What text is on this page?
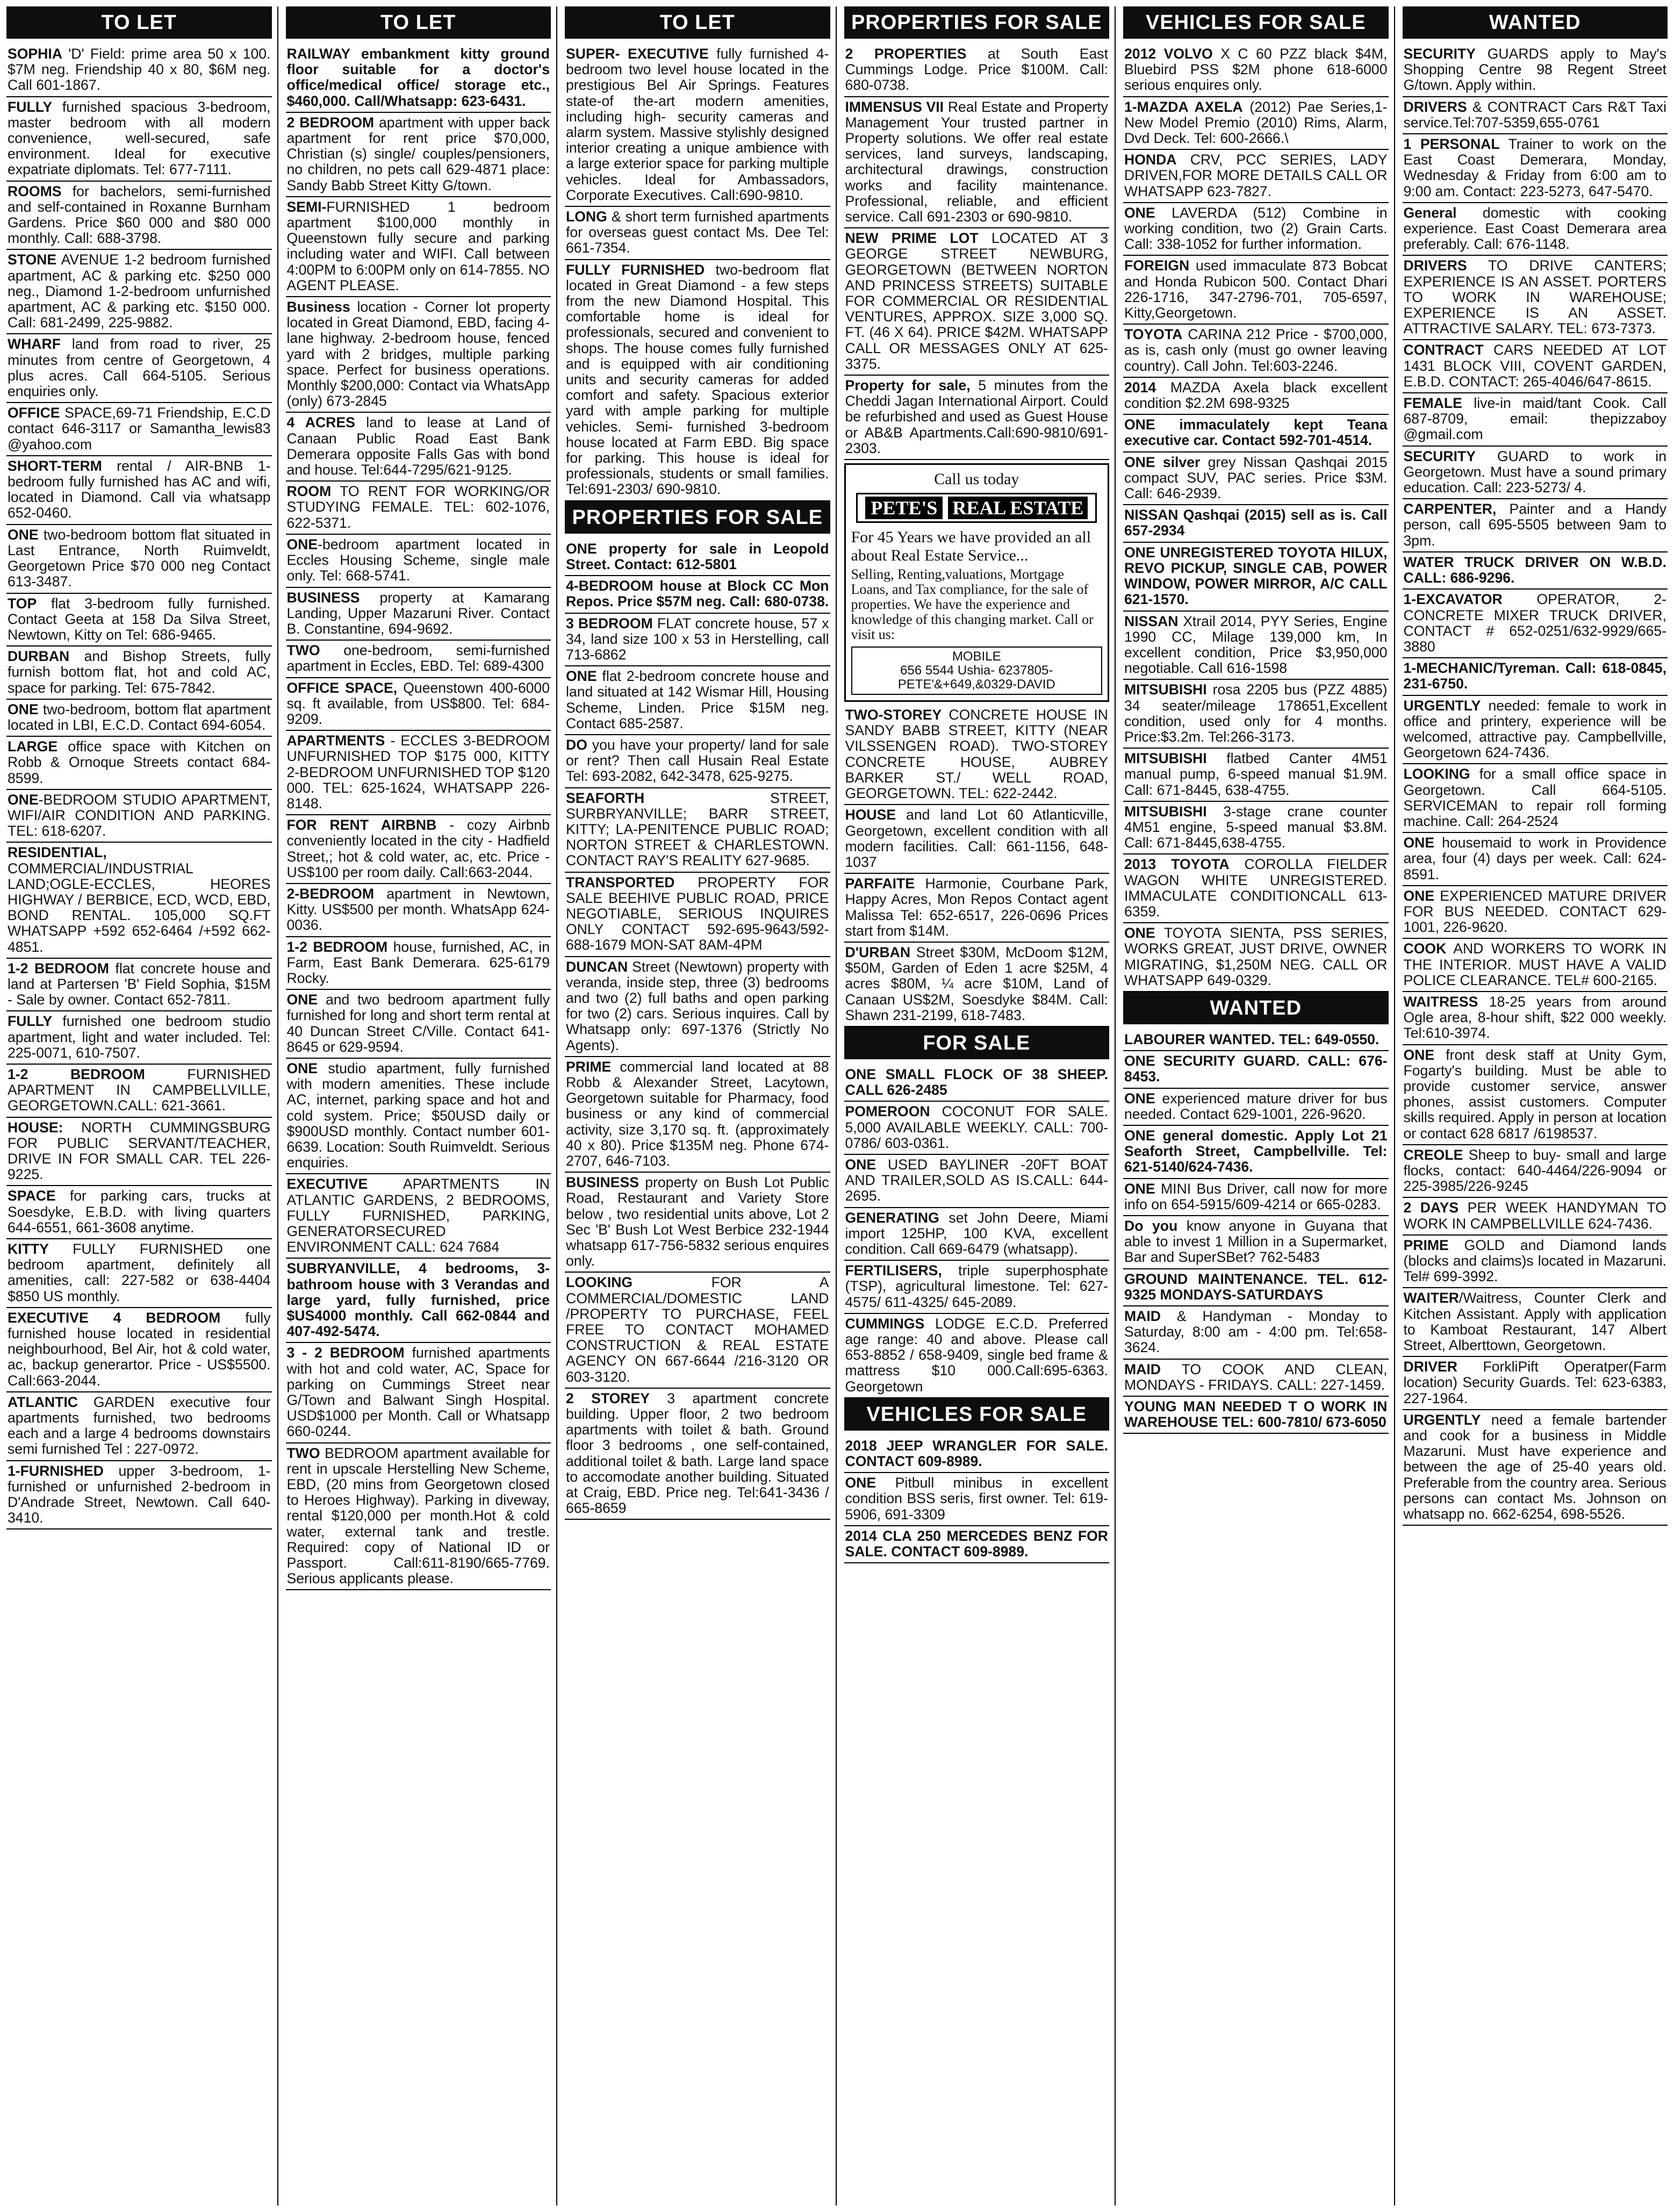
TO LET

SOPHIA 'D' Field: prime area 50 x 100. $7M neg. Friendship 40 x 80, $6M neg. Call 601-1867.

FULLY furnished spacious 3-bedroom, master bedroom with all modern convenience, well-secured, safe environment. Ideal for executive expatriate diplomats. Tel: 677-7111.

ROOMS for bachelors, semi-furnished and self-contained in Roxanne Burnham Gardens. Price $60 000 and $80 000 monthly. Call: 688-3798.

STONE AVENUE 1-2 bedroom furnished apartment, AC & parking etc. $250 000 neg., Diamond 1-2-bedroom unfurnished apartment, AC & parking etc. $150 000. Call: 681-2499, 225-9882.

WHARF land from road to river, 25 minutes from centre of Georgetown, 4 plus acres. Call 664-5105. Serious enquiries only.

OFFICE SPACE,69-71 Friendship, E.C.D contact 646-3117 or Samantha_lewis83 @yahoo.com

SHORT-TERM rental / AIR-BNB 1-bedroom fully furnished has AC and wifi, located in Diamond. Call via whatsapp 652-0460.

ONE two-bedroom bottom flat situated in Last Entrance, North Ruimveldt, Georgetown Price $70 000 neg Contact 613-3487.

TOP flat 3-bedroom fully furnished. Contact Geeta at 158 Da Silva Street, Newtown, Kitty on Tel: 686-9465.

DURBAN and Bishop Streets, fully furnish bottom flat, hot and cold AC, space for parking. Tel: 675-7842.

ONE two-bedroom, bottom flat apartment located in LBI, E.C.D. Contact 694-6054.

LARGE office space with Kitchen on Robb & Ornoque Streets contact 684-8599.

ONE-BEDROOM STUDIO APARTMENT, WIFI/AIR CONDITION AND PARKING. TEL: 618-6207.

RESIDENTIAL, COMMERCIAL/INDUSTRIAL LAND;OGLE-ECCLES, HEORES HIGHWAY / BERBICE, ECD, WCD, EBD, BOND RENTAL. 105,000 SQ.FT WHATSAPP +592 652-6464 /+592 662-4851.

1-2 BEDROOM flat concrete house and land at Partersen 'B' Field Sophia, $15M - Sale by owner. Contact 652-7811.

FULLY furnished one bedroom studio apartment, light and water included. Tel: 225-0071, 610-7507.

1-2 BEDROOM FURNISHED APARTMENT IN CAMPBELLVILLE, GEORGETOWN.CALL: 621-3661.

HOUSE: NORTH CUMMINGSBURG FOR PUBLIC SERVANT/TEACHER, DRIVE IN FOR SMALL CAR. TEL 226-9225.

SPACE for parking cars, trucks at Soesdyke, E.B.D. with living quarters 644-6551, 661-3608 anytime.

KITTY FULLY FURNISHED one bedroom apartment, definitely all amenities, call: 227-582 or 638-4404 $850 US monthly.

EXECUTIVE 4 BEDROOM fully furnished house located in residential neighbourhood, Bel Air, hot & cold water, ac, backup generartor. Price - US$5500. Call:663-2044.

ATLANTIC GARDEN executive four apartments furnished, two bedrooms each and a large 4 bedrooms downstairs semi furnished Tel : 227-0972.

1-FURNISHED upper 3-bedroom, 1-furnished or unfurnished 2-bedroom in D'Andrade Street, Newtown. Call 640-3410.

TO LET

RAILWAY embankment kitty ground floor suitable for a doctor's office/medical office/ storage etc., $460,000. Call/Whatsapp: 623-6431.

2 BEDROOM apartment with upper back apartment for rent price $70,000, Christian (s) single/ couples/pensioners, no children, no pets call 629-4871 place: Sandy Babb Street Kitty G/town.

SEMI-FURNISHED 1 bedroom apartment $100,000 monthly in Queenstown fully secure and parking including water and WIFI. Call between 4:00PM to 6:00PM only on 614-7855. NO AGENT PLEASE.

Business location - Corner lot property located in Great Diamond, EBD, facing 4-lane highway. 2-bedroom house, fenced yard with 2 bridges, multiple parking space. Perfect for business operations. Monthly $200,000: Contact via WhatsApp (only) 673-2845

4 ACRES land to lease at Land of Canaan Public Road East Bank Demerara opposite Falls Gas with bond and house. Tel:644-7295/621-9125.

ROOM TO RENT FOR WORKING/OR STUDYING FEMALE. TEL: 602-1076, 622-5371.

ONE-bedroom apartment located in Eccles Housing Scheme, single male only. Tel: 668-5741.

BUSINESS property at Kamarang Landing, Upper Mazaruni River. Contact B. Constantine, 694-9692.

TWO one-bedroom, semi-furnished apartment in Eccles, EBD. Tel: 689-4300

OFFICE SPACE, Queenstown 400-6000 sq. ft available, from US$800. Tel: 684-9209.

APARTMENTS - ECCLES 3-BEDROOM UNFURNISHED TOP $175 000, KITTY 2-BEDROOM UNFURNISHED TOP $120 000. TEL: 625-1624, WHATSAPP 226-8148.

FOR RENT AIRBNB - cozy Airbnb conveniently located in the city - Hadfield Street,; hot & cold water, ac, etc. Price - US$100 per room daily. Call:663-2044.

2-BEDROOM apartment in Newtown, Kitty. US$500 per month. WhatsApp 624-0036.

1-2 BEDROOM house, furnished, AC, in Farm, East Bank Demerara. 625-6179 Rocky.

ONE and two bedroom apartment fully furnished for long and short term rental at 40 Duncan Street C/Ville. Contact 641-8645 or 629-9594.

ONE studio apartment, fully furnished with modern amenities. These include AC, internet, parking space and hot and cold system. Price; $50USD daily or $900USD monthly. Contact number 601-6639. Location: South Ruimveldt. Serious enquiries.

EXECUTIVE APARTMENTS IN ATLANTIC GARDENS, 2 BEDROOMS, FULLY FURNISHED, PARKING, GENERATORSECURED ENVIRONMENT CALL: 624 7684

SUBRYANVILLE, 4 bedrooms, 3-bathroom house with 3 Verandas and large yard, fully furnished, price $US4000 monthly. Call 662-0844 and 407-492-5474.

3 - 2 BEDROOM furnished apartments with hot and cold water, AC, Space for parking on Cummings Street near G/Town and Balwant Singh Hospital. USD$1000 per Month. Call or Whatsapp 660-0244.

TWO BEDROOM apartment available for rent in upscale Herstelling New Scheme, EBD, (20 mins from Georgetown closed to Heroes Highway). Parking in diveway, rental $120,000 per month.Hot & cold water, external tank and trestle. Required: copy of National ID or Passport. Call:611-8190/665-7769. Serious applicants please.

TO LET

SUPER- EXECUTIVE fully furnished 4-bedroom two level house located in the prestigious Bel Air Springs. Features state-of the-art modern amenities, including high- security cameras and alarm system. Massive stylishly designed interior creating a unique ambience with a large exterior space for parking multiple vehicles. Ideal for Ambassadors, Corporate Executives. Call:690-9810.

LONG & short term furnished apartments for overseas guest contact Ms. Dee Tel: 661-7354.

FULLY FURNISHED two-bedroom flat located in Great Diamond - a few steps from the new Diamond Hospital. This comfortable home is ideal for professionals, secured and convenient to shops. The house comes fully furnished and is equipped with air conditioning units and security cameras for added comfort and safety. Spacious exterior yard with ample parking for multiple vehicles. Semi- furnished 3-bedroom house located at Farm EBD. Big space for parking. This house is ideal for professionals, students or small families. Tel:691-2303/ 690-9810.

PROPERTIES FOR SALE

ONE property for sale in Leopold Street. Contact: 612-5801

4-BEDROOM house at Block CC Mon Repos. Price $57M neg. Call: 680-0738.

3 BEDROOM FLAT concrete house, 57 x 34, land size 100 x 53 in Herstelling, call 713-6862

ONE flat 2-bedroom concrete house and land situated at 142 Wismar Hill, Housing Scheme, Linden. Price $15M neg. Contact 685-2587.

DO you have your property/ land for sale or rent? Then call Husain Real Estate Tel: 693-2082, 642-3478, 625-9275.

SEAFORTH STREET, SURBRYANVILLE; BARR STREET, KITTY; LA-PENITENCE PUBLIC ROAD; NORTON STREET & CHARLESTOWN. CONTACT RAY'S REALITY 627-9685.

TRANSPORTED PROPERTY FOR SALE BEEHIVE PUBLIC ROAD, PRICE NEGOTIABLE, SERIOUS INQUIRES ONLY CONTACT 592-695-9643/592-688-1679 MON-SAT 8AM-4PM

DUNCAN Street (Newtown) property with veranda, inside step, three (3) bedrooms and two (2) full baths and open parking for two (2) cars. Serious inquires. Call by Whatsapp only: 697-1376 (Strictly No Agents).

PRIME commercial land located at 88 Robb & Alexander Street, Lacytown, Georgetown suitable for Pharmacy, food business or any kind of commercial activity, size 3,170 sq. ft. (approximately 40 x 80). Price $135M neg. Phone 674-2707, 646-7103.

BUSINESS property on Bush Lot Public Road, Restaurant and Variety Store below , two residential units above, Lot 2 Sec 'B' Bush Lot West Berbice 232-1944 whatsapp 617-756-5832 serious enquires only.

LOOKING FOR A COMMERCIAL/DOMESTIC LAND /PROPERTY TO PURCHASE, FEEL FREE TO CONTACT MOHAMED CONSTRUCTION & REAL ESTATE AGENCY ON 667-6644 /216-3120 OR 603-3120.

2 STOREY 3 apartment concrete building. Upper floor, 2 two bedroom apartments with toilet & bath. Ground floor 3 bedrooms , one self-contained, additional toilet & bath. Large land space to accomodate another building. Situated at Craig, EBD. Price neg. Tel:641-3436 / 665-8659

PROPERTIES FOR SALE

2 PROPERTIES at South East Cummings Lodge. Price $100M. Call: 680-0738.

IMMENSUS VII Real Estate and Property Management Your trusted partner in Property solutions. We offer real estate services, land surveys, landscaping, architectural drawings, construction works and facility maintenance. Professional, reliable, and efficient service. Call 691-2303 or 690-9810.

NEW PRIME LOT LOCATED AT 3 GEORGE STREET NEWBURG, GEORGETOWN (BETWEEN NORTON AND PRINCESS STREETS) SUITABLE FOR COMMERCIAL OR RESIDENTIAL VENTURES, APPROX. SIZE 3,000 SQ. FT. (46 X 64). PRICE $42M. WHATSAPP CALL OR MESSAGES ONLY AT 625-3375.

Property for sale, 5 minutes from the Cheddi Jagan International Airport. Could be refurbished and used as Guest House or AB&B Apartments.Call:690-9810/691-2303.

Call us today
PETE'S REAL ESTATE
For 45 Years we have provided an all about Real Estate Service...
Selling, Renting,valuations, Mortgage Loans, and Tax compliance, for the sale of properties. We have the experience and knowledge of this changing market. Call or visit us:
MOBILE
656 5544 Ushia- 6237805- PETE'&+649,&0329-DAVID

TWO-STOREY CONCRETE HOUSE IN SANDY BABB STREET, KITTY (NEAR VILSSENGEN ROAD). TWO-STOREY CONCRETE HOUSE, AUBREY BARKER ST./ WELL ROAD, GEORGETOWN. TEL: 622-2442.

HOUSE and land Lot 60 Atlanticville, Georgetown, excellent condition with all modern facilities. Call: 661-1156, 648-1037

PARFAITE Harmonie, Courbane Park, Happy Acres, Mon Repos Contact agent Malissa Tel: 652-6517, 226-0696 Prices start from $14M.

D'URBAN Street $30M, McDoom $12M, $50M, Garden of Eden 1 acre $25M, 4 acres $80M, ¼ acre $10M, Land of Canaan US$2M, Soesdyke $84M. Call: Shawn 231-2199, 618-7483.

FOR SALE

ONE SMALL FLOCK OF 38 SHEEP. CALL 626-2485

POMEROON COCONUT FOR SALE. 5,000 AVAILABLE WEEKLY. CALL: 700-0786/ 603-0361.

ONE USED BAYLINER -20FT BOAT AND TRAILER,SOLD AS IS.CALL: 644-2695.

GENERATING set John Deere, Miami import 125HP, 100 KVA, excellent condition. Call 669-6479 (whatsapp).

FERTILISERS, triple superphosphate (TSP), agricultural limestone. Tel: 627-4575/ 611-4325/ 645-2089.

CUMMINGS LODGE E.C.D. Preferred age range: 40 and above. Please call 653-8852 / 658-9409, single bed frame & mattress $10 000.Call:695-6363. Georgetown

VEHICLES FOR SALE

2018 JEEP WRANGLER FOR SALE. CONTACT 609-8989.

ONE Pitbull minibus in excellent condition BSS seris, first owner. Tel: 619-5906, 691-3309

2014 CLA 250 MERCEDES BENZ FOR SALE. CONTACT 609-8989.

VEHICLES FOR SALE

2012 VOLVO X C 60 PZZ black $4M, Bluebird PSS $2M phone 618-6000 serious enquires only.

1-MAZDA AXELA (2012) Pae Series,1- New Model Premio (2010) Rims, Alarm, Dvd Deck. Tel: 600-2666.\

HONDA CRV, PCC SERIES, LADY DRIVEN,FOR MORE DETAILS CALL OR WHATSAPP 623-7827.

ONE LAVERDA (512) Combine in working condition, two (2) Grain Carts. Call: 338-1052 for further information.

FOREIGN used immaculate 873 Bobcat and Honda Rubicon 500. Contact Dhari 226-1716, 347-2796-701, 705-6597, Kitty,Georgetown.

TOYOTA CARINA 212 Price - $700,000, as is, cash only (must go owner leaving country). Call John. Tel:603-2246.

2014 MAZDA Axela black excellent condition $2.2M 698-9325

ONE immaculately kept Teana executive car. Contact 592-701-4514.

ONE silver grey Nissan Qashqai 2015 compact SUV, PAC series. Price $3M. Call: 646-2939.

NISSAN Qashqai (2015) sell as is. Call 657-2934

ONE UNREGISTERED TOYOTA HILUX, REVO PICKUP, SINGLE CAB, POWER WINDOW, POWER MIRROR, A/C CALL 621-1570.

NISSAN Xtrail 2014, PYY Series, Engine 1990 CC, Milage 139,000 km, In excellent condition, Price $3,950,000 negotiable. Call 616-1598

MITSUBISHI rosa 2205 bus (PZZ 4885) 34 seater/mileage 178651,Excellent condition, used only for 4 months. Price:$3.2m. Tel:266-3173.

MITSUBISHI flatbed Canter 4M51 manual pump, 6-speed manual $1.9M. Call: 671-8445, 638-4755.

MITSUBISHI 3-stage crane counter 4M51 engine, 5-speed manual $3.8M. Call: 671-8445,638-4755.

2013 TOYOTA COROLLA FIELDER WAGON WHITE UNREGISTERED. IMMACULATE CONDITIONCALL 613-6359.

ONE TOYOTA SIENTA, PSS SERIES, WORKS GREAT, JUST DRIVE, OWNER MIGRATING, $1,250M NEG. CALL OR WHATSAPP 649-0329.

WANTED

LABOURER WANTED. TEL: 649-0550.

ONE SECURITY GUARD. CALL: 676-8453.

ONE experienced mature driver for bus needed. Contact 629-1001, 226-9620.

ONE general domestic. Apply Lot 21 Seaforth Street, Campbellville. Tel: 621-5140/624-7436.

ONE MINI Bus Driver, call now for more info on 654-5915/609-4214 or 665-0283.

Do you know anyone in Guyana that able to invest 1 Million in a Supermarket, Bar and SuperSBet? 762-5483

GROUND MAINTENANCE. TEL. 612-9325 MONDAYS-SATURDAYS

MAID & Handyman - Monday to Saturday, 8:00 am - 4:00 pm. Tel:658-3624.

MAID TO COOK AND CLEAN, MONDAYS - FRIDAYS. CALL: 227-1459.

YOUNG MAN NEEDED T O WORK IN WAREHOUSE TEL: 600-7810/ 673-6050

WANTED

SECURITY GUARDS apply to May's Shopping Centre 98 Regent Street G/town. Apply within.

DRIVERS & CONTRACT Cars R&T Taxi service.Tel:707-5359,655-0761

1 PERSONAL Trainer to work on the East Coast Demerara, Monday, Wednesday & Friday from 6:00 am to 9:00 am. Contact: 223-5273, 647-5470.

General domestic with cooking experience. East Coast Demerara area preferably. Call: 676-1148.

DRIVERS TO DRIVE CANTERS; EXPERIENCE IS AN ASSET. PORTERS TO WORK IN WAREHOUSE; EXPERIENCE IS AN ASSET. ATTRACTIVE SALARY. TEL: 673-7373.

CONTRACT CARS NEEDED AT LOT 1431 BLOCK VIII, COVENT GARDEN, E.B.D. CONTACT: 265-4046/647-8615.

FEMALE live-in maid/tant Cook. Call 687-8709, email: thepizzaboy @gmail.com

SECURITY GUARD to work in Georgetown. Must have a sound primary education. Call: 223-5273/ 4.

CARPENTER, Painter and a Handy person, call 695-5505 between 9am to 3pm.

WATER TRUCK DRIVER ON W.B.D. CALL: 686-9296.

1-EXCAVATOR OPERATOR, 2- CONCRETE MIXER TRUCK DRIVER, CONTACT # 652-0251/632-9929/665-3880

1-MECHANIC/Tyreman. Call: 618-0845, 231-6750.

URGENTLY needed: female to work in office and printery, experience will be welcomed, attractive pay. Campbellville, Georgetown 624-7436.

LOOKING for a small office space in Georgetown. Call 664-5105. SERVICEMAN to repair roll forming machine. Call: 264-2524

ONE housemaid to work in Providence area, four (4) days per week. Call: 624-8591.

ONE EXPERIENCED MATURE DRIVER FOR BUS NEEDED. CONTACT 629-1001, 226-9620.

COOK AND WORKERS TO WORK IN THE INTERIOR. MUST HAVE A VALID POLICE CLEARANCE. TEL# 600-2165.

WAITRESS 18-25 years from around Ogle area, 8-hour shift, $22 000 weekly. Tel:610-3974.

ONE front desk staff at Unity Gym, Fogarty's building. Must be able to provide customer service, answer phones, assist customers. Computer skills required. Apply in person at location or contact 628 6817 /6198537.

CREOLE Sheep to buy- small and large flocks, contact: 640-4464/226-9094 or 225-3985/226-9245

2 DAYS PER WEEK HANDYMAN TO WORK IN CAMPBELLVILLE 624-7436.

PRIME GOLD and Diamond lands (blocks and claims)s located in Mazaruni. Tel# 699-3992.

WAITER/Waitress, Counter Clerk and Kitchen Assistant. Apply with application to Kamboat Restaurant, 147 Albert Street, Alberttown, Georgetown.

DRIVER ForkliPift Operatper(Farm location) Security Guards. Tel: 623-6383, 227-1964.

URGENTLY need a female bartender and cook for a business in Middle Mazaruni. Must have experience and between the age of 25-40 years old. Preferable from the country area. Serious persons can contact Ms. Johnson on whatsapp no. 662-6254, 698-5526.
